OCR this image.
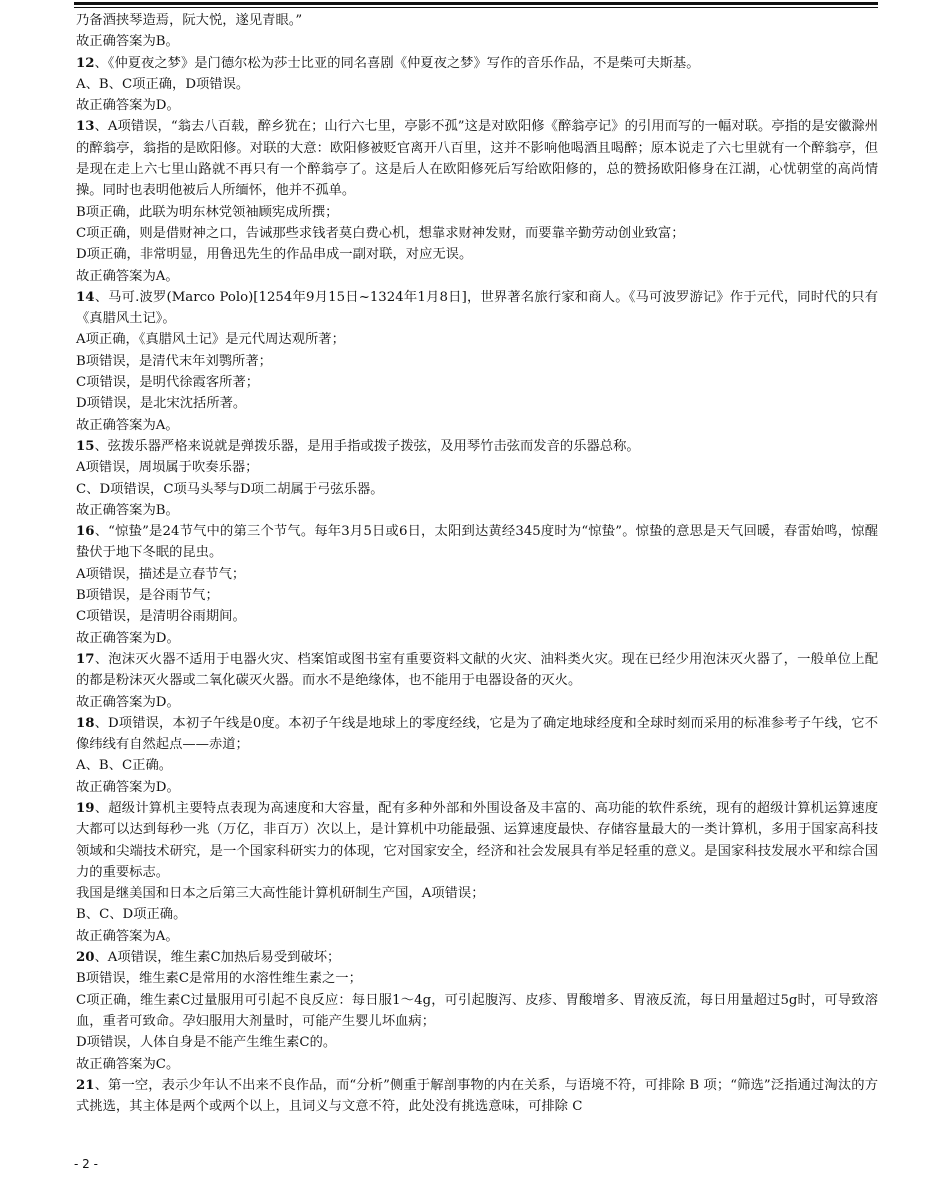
乃备酒挟琴造焉，阮大悦，遂见青眼。”

故正确答案为B。

12、《仲夏夜之梦》是门德尔松为莎士比亚的同名喜剧《仲夏夜之梦》写作的音乐作品，不是柴可夫斯基。

A、B、C项正确，D项错误。

故正确答案为D。

13、A项错误，“翁去八百载，醉乡犹在；山行六七里，亭影不孤”这是对欧阳修《醉翁亭记》的引用而写的一幅对联。亭指的是安徽滁州的醉翁亭，翁指的是欧阳修。对联的大意：欧阳修被贬官离开八百里，这并不影响他喝酒且喝醉；原本说走了六七里就有一个醉翁亭，但是现在走上六七里山路就不再只有一个醉翁亭了。这是后人在欧阳修死后写给欧阳修的，总的赞扬欧阳修身在江湖，心忧朝堂的高尚情操。同时也表明他被后人所缅怀，他并不孤单。

B项正确，此联为明东林党领袖顾宪成所撰；

C项正确，则是借财神之口，告诫那些求钱者莫白费心机，想靠求财神发财，而要靠辛勤劳动创业致富；

D项正确，非常明显，用鲁迅先生的作品串成一副对联，对应无误。

故正确答案为A。

14、马可.波罗(Marco Polo)[1254年9月15日~1324年1月8日]，世界著名旅行家和商人。《马可波罗游记》作于元代，同时代的只有《真腊风土记》。

A项正确，《真腊风土记》是元代周达观所著；

B项错误，是清代末年刘鹗所著；

C项错误，是明代徐霞客所著；

D项错误，是北宋沈括所著。

故正确答案为A。

15、弦拨乐器严格来说就是弹拨乐器，是用手指或拨子拨弦，及用琴竹击弦而发音的乐器总称。

A项错误，周埙属于吹奏乐器；

C、D项错误，C项马头琴与D项二胡属于弓弦乐器。

故正确答案为B。

16、“惊蛰”是24节气中的第三个节气。每年3月5日或6日，太阳到达黄经345度时为“惊蛰”。惊蛰的意思是天气回暖，春雷始鸣，惊醒蛰伏于地下冬眠的昆虫。

A项错误，描述是立春节气；

B项错误，是谷雨节气；

C项错误，是清明谷雨期间。

故正确答案为D。

17、泡沫灭火器不适用于电器火灾、档案馆或图书室有重要资料文献的火灾、油料类火灾。现在已经少用泡沫灭火器了，一般单位上配的都是粉沫灭火器或二氧化碳灭火器。而水不是绝缘体，也不能用于电器设备的灭火。

故正确答案为D。

18、D项错误，本初子午线是0度。本初子午线是地球上的零度经线，它是为了确定地球经度和全球时刻而采用的标准参考子午线，它不像纬线有自然起点——赤道；

A、B、C正确。

故正确答案为D。

19、超级计算机主要特点表现为高速度和大容量，配有多种外部和外围设备及丰富的、高功能的软件系统，现有的超级计算机运算速度大都可以达到每秒一兆（万亿，非百万）次以上，是计算机中功能最强、运算速度最快、存储容量最大的一类计算机，多用于国家高科技领域和尖端技术研究，是一个国家科研实力的体现，它对国家安全，经济和社会发展具有举足轻重的意义。是国家科技发展水平和综合国力的重要标志。

我国是继美国和日本之后第三大高性能计算机研制生产国，A项错误；

B、C、D项正确。

故正确答案为A。

20、A项错误，维生素C加热后易受到破坏；

B项错误，维生素C是常用的水溶性维生素之一；

C项正确，维生素C过量服用可引起不良反应：每日服1～4g，可引起腹泻、皮疹、胃酸增多、胃液反流，每日用量超过5g时，可导致溶血，重者可致命。孕妇服用大剂量时，可能产生婴儿坏血病；

D项错误，人体自身是不能产生维生素C的。

故正确答案为C。

21、第一空，表示少年认不出来不良作品，而“分析”侧重于解剖事物的内在关系，与语境不符，可排除 B 项；“筛选”泛指通过淘汰的方式挑选，其主体是两个或两个以上，且词义与文意不符，此处没有挑选意味，可排除 C

- 2 -
